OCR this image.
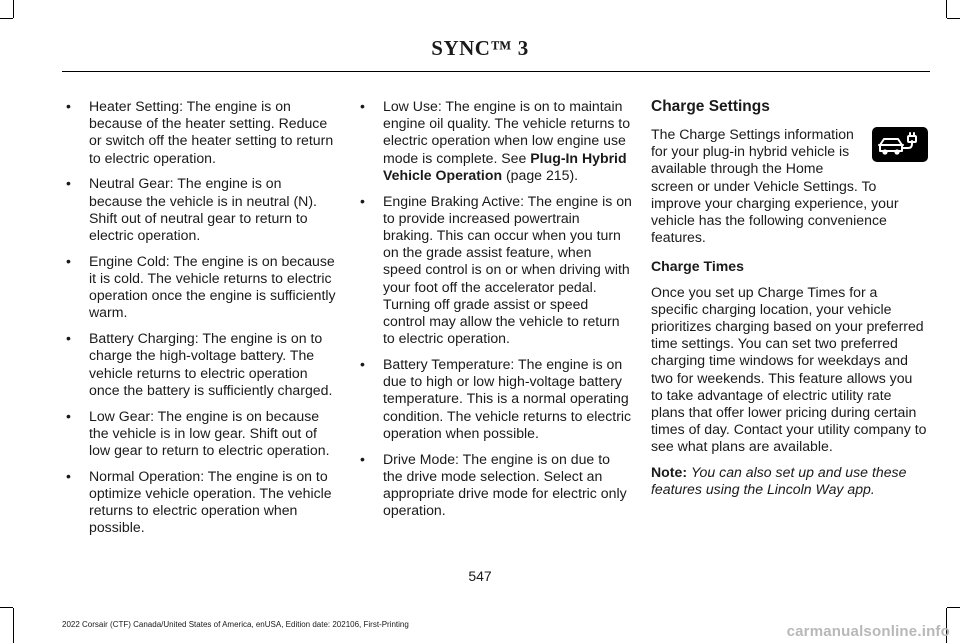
SYNC™ 3
• Heater Setting: The engine is on because of the heater setting. Reduce or switch off the heater setting to return to electric operation.
• Neutral Gear: The engine is on because the vehicle is in neutral (N). Shift out of neutral gear to return to electric operation.
• Engine Cold: The engine is on because it is cold. The vehicle returns to electric operation once the engine is sufficiently warm.
• Battery Charging: The engine is on to charge the high-voltage battery. The vehicle returns to electric operation once the battery is sufficiently charged.
• Low Gear: The engine is on because the vehicle is in low gear. Shift out of low gear to return to electric operation.
• Normal Operation: The engine is on to optimize vehicle operation. The vehicle returns to electric operation when possible.
• Low Use: The engine is on to maintain engine oil quality. The vehicle returns to electric operation when low engine use mode is complete. See Plug-In Hybrid Vehicle Operation (page 215).
• Engine Braking Active: The engine is on to provide increased powertrain braking. This can occur when you turn on the grade assist feature, when speed control is on or when driving with your foot off the accelerator pedal. Turning off grade assist or speed control may allow the vehicle to return to electric operation.
• Battery Temperature: The engine is on due to high or low high-voltage battery temperature. This is a normal operating condition. The vehicle returns to electric operation when possible.
• Drive Mode: The engine is on due to the drive mode selection. Select an appropriate drive mode for electric only operation.
Charge Settings
The Charge Settings information for your plug-in hybrid vehicle is available through the Home screen or under Vehicle Settings. To improve your charging experience, your vehicle has the following convenience features.
Charge Times
Once you set up Charge Times for a specific charging location, your vehicle prioritizes charging based on your preferred time settings. You can set two preferred charging time windows for weekdays and two for weekends. This feature allows you to take advantage of electric utility rate plans that offer lower pricing during certain times of day. Contact your utility company to see what plans are available.
Note: You can also set up and use these features using the Lincoln Way app.
547
2022 Corsair (CTF) Canada/United States of America, enUSA, Edition date: 202106, First-Printing	carmanualsonline.info
